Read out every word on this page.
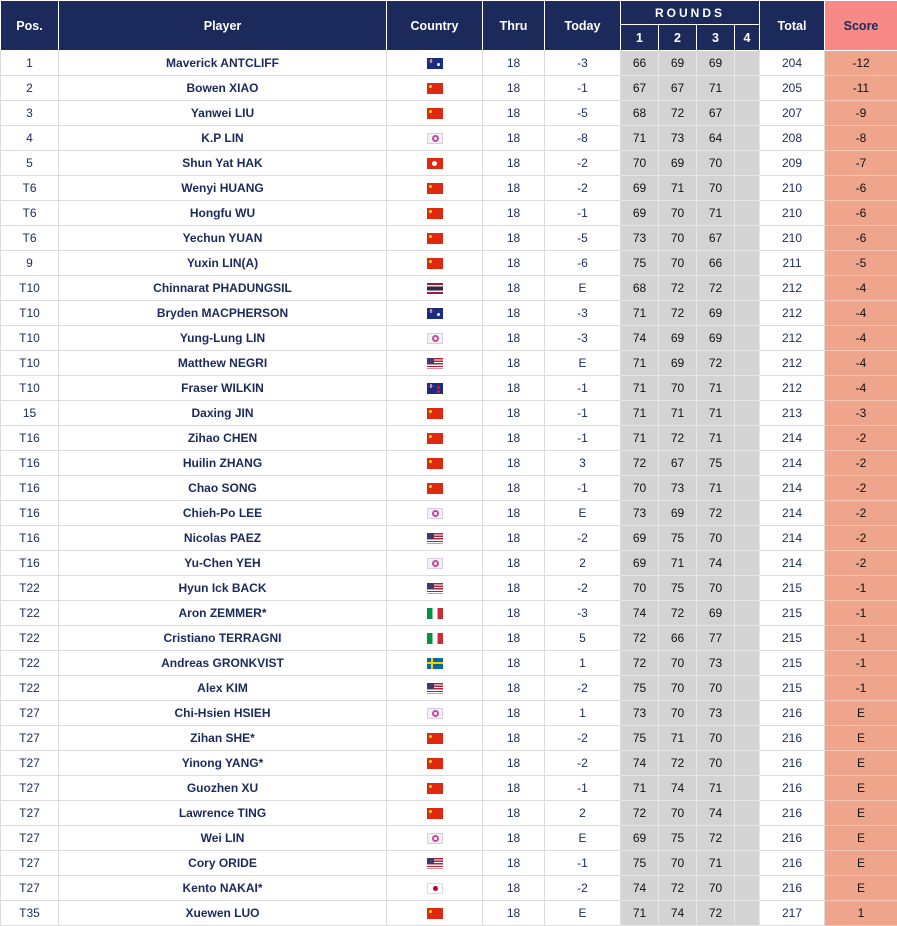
Pos.	Player	Country	Thru	Today	ROUNDS				Total	Score
					1	2	3	4		
1	Maverick ANTCLIFF		18	-3	66	69	69		204	-12
2	Bowen XIAO		18	-1	67	67	71		205	-11
3	Yanwei LIU		18	-5	68	72	67		207	-9
4	K.P LIN		18	-8	71	73	64		208	-8
5	Shun Yat HAK		18	-2	70	69	70		209	-7
T6	Wenyi HUANG		18	-2	69	71	70		210	-6
T6	Hongfu WU		18	-1	69	70	71		210	-6
T6	Yechun YUAN		18	-5	73	70	67		210	-6
9	Yuxin LIN(A)		18	-6	75	70	66		211	-5
T10	Chinnarat PHADUNGSIL		18	E	68	72	72		212	-4
T10	Bryden MACPHERSON		18	-3	71	72	69		212	-4
T10	Yung-Lung LIN		18	-3	74	69	69		212	-4
T10	Matthew NEGRI		18	E	71	69	72		212	-4
T10	Fraser WILKIN		18	-1	71	70	71		212	-4
15	Daxing JIN		18	-1	71	71	71		213	-3
T16	Zihao CHEN		18	-1	71	72	71		214	-2
T16	Huilin ZHANG		18	3	72	67	75		214	-2
T16	Chao SONG		18	-1	70	73	71		214	-2
T16	Chieh-Po LEE		18	E	73	69	72		214	-2
T16	Nicolas PAEZ		18	-2	69	75	70		214	-2
T16	Yu-Chen YEH		18	2	69	71	74		214	-2
T22	Hyun Ick BACK		18	-2	70	75	70		215	-1
T22	Aron ZEMMER*		18	-3	74	72	69		215	-1
T22	Cristiano TERRAGNI		18	5	72	66	77		215	-1
T22	Andreas GRONKVIST		18	1	72	70	73		215	-1
T22	Alex KIM		18	-2	75	70	70		215	-1
T27	Chi-Hsien HSIEH		18	1	73	70	73		216	E
T27	Zihan SHE*		18	-2	75	71	70		216	E
T27	Yinong YANG*		18	-2	74	72	70		216	E
T27	Guozhen XU		18	-1	71	74	71		216	E
T27	Lawrence TING		18	2	72	70	74		216	E
T27	Wei LIN		18	E	69	75	72		216	E
T27	Cory ORIDE		18	-1	75	70	71		216	E
T27	Kento NAKAI*		18	-2	74	72	70		216	E
T35	Xuewen LUO		18	E	71	74	72		217	1
